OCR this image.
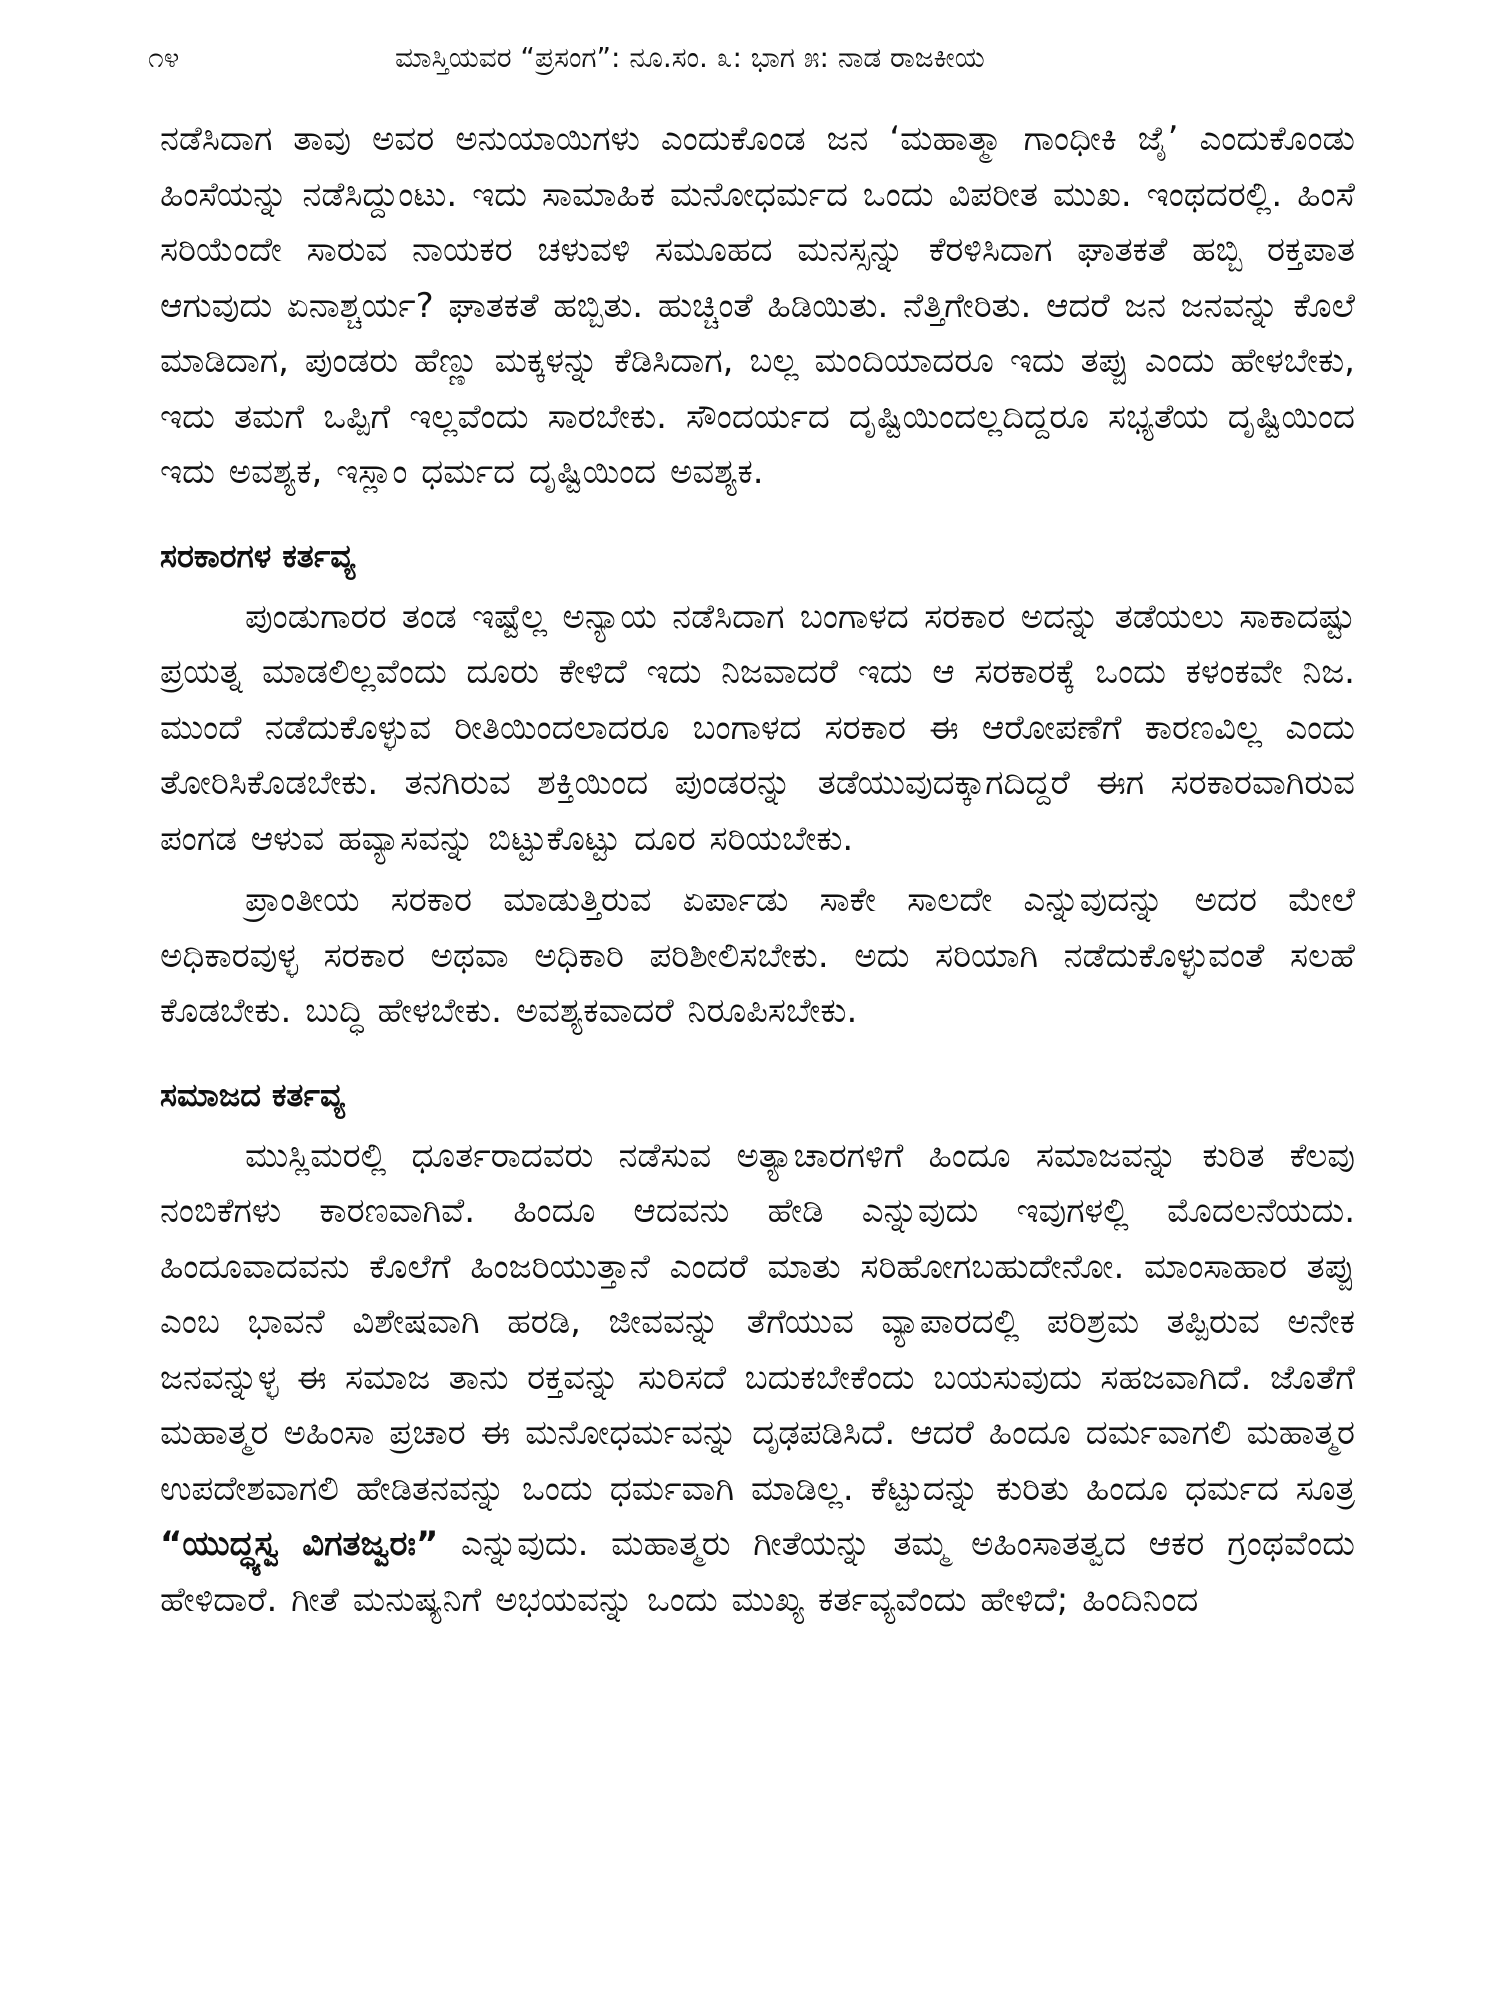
೧೪	ಮಾಸ್ತಿಯವರ “ಪ್ರಸಂಗ”: ನೂ.ಸಂ. ೩: ಭಾಗ ೫: ನಾಡ ರಾಜಕೀಯ

ನಡೆಸಿದಾಗ ತಾವು ಅವರ ಅನುಯಾಯಿಗಳು ಎಂದುಕೊಂಡ ಜನ ‘ಮಹಾತ್ಮಾ ಗಾಂಧೀಕಿ ಜೈ’ ಎಂದುಕೊಂಡು ಹಿಂಸೆಯನ್ನು ನಡೆಸಿದ್ದುಂಟು. ಇದು ಸಾಮಾಹಿಕ ಮನೋಧರ್ಮದ ಒಂದು ವಿಪರೀತ ಮುಖ. ಇಂಥದರಲ್ಲಿ. ಹಿಂಸೆ ಸರಿಯೆಂದೇ ಸಾರುವ ನಾಯಕರ ಚಳುವಳಿ ಸಮೂಹದ ಮನಸ್ಸನ್ನು ಕೆರಳಿಸಿದಾಗ ಘಾತಕತೆ ಹಬ್ಬಿ ರಕ್ತಪಾತ ಆಗುವುದು ಏನಾಶ್ಚರ್ಯ? ಘಾತಕತೆ ಹಬ್ಬಿತು. ಹುಚ್ಚಿಂತೆ ಹಿಡಿಯಿತು. ನೆತ್ತಿಗೇರಿತು. ಆದರೆ ಜನ ಜನವನ್ನು ಕೊಲೆ ಮಾಡಿದಾಗ, ಪುಂಡರು ಹೆಣ್ಣು ಮಕ್ಕಳನ್ನು ಕೆಡಿಸಿದಾಗ, ಬಲ್ಲ ಮಂದಿಯಾದರೂ ಇದು ತಪ್ಪು ಎಂದು ಹೇಳಬೇಕು, ಇದು ತಮಗೆ ಒಪ್ಪಿಗೆ ಇಲ್ಲವೆಂದು ಸಾರಬೇಕು. ಸೌಂದರ್ಯದ ದೃಷ್ಟಿಯಿಂದಲ್ಲದಿದ್ದರೂ ಸಭ್ಯತೆಯ ದೃಷ್ಟಿಯಿಂದ ಇದು ಅವಶ್ಯಕ, ಇಸ್ಲಾಂ ಧರ್ಮದ ದೃಷ್ಟಿಯಿಂದ ಅವಶ್ಯಕ.

ಸರಕಾರಗಳ ಕರ್ತವ್ಯ

ಪುಂಡುಗಾರರ ತಂಡ ಇಷ್ಟೆಲ್ಲ ಅನ್ಯಾಯ ನಡೆಸಿದಾಗ ಬಂಗಾಳದ ಸರಕಾರ ಅದನ್ನು ತಡೆಯಲು ಸಾಕಾದಷ್ಟು ಪ್ರಯತ್ನ ಮಾಡಲಿಲ್ಲವೆಂದು ದೂರು ಕೇಳಿದೆ ಇದು ನಿಜವಾದರೆ ಇದು ಆ ಸರಕಾರಕ್ಕೆ ಒಂದು ಕಳಂಕವೇ ನಿಜ. ಮುಂದೆ ನಡೆದುಕೊಳ್ಳುವ ರೀತಿಯಿಂದಲಾದರೂ ಬಂಗಾಳದ ಸರಕಾರ ಈ ಆರೋಪಣೆಗೆ ಕಾರಣವಿಲ್ಲ ಎಂದು ತೋರಿಸಿಕೊಡಬೇಕು. ತನಗಿರುವ ಶಕ್ತಿಯಿಂದ ಪುಂಡರನ್ನು ತಡೆಯುವುದಕ್ಕಾಗದಿದ್ದರೆ ಈಗ ಸರಕಾರವಾಗಿರುವ ಪಂಗಡ ಆಳುವ ಹವ್ಯಾಸವನ್ನು ಬಿಟ್ಟುಕೊಟ್ಟು ದೂರ ಸರಿಯಬೇಕು.

ಪ್ರಾಂತೀಯ ಸರಕಾರ ಮಾಡುತ್ತಿರುವ ಏರ್ಪಾಡು ಸಾಕೇ ಸಾಲದೇ ಎನ್ನುವುದನ್ನು ಅದರ ಮೇಲೆ ಅಧಿಕಾರವುಳ್ಳ ಸರಕಾರ ಅಥವಾ ಅಧಿಕಾರಿ ಪರಿಶೀಲಿಸಬೇಕು. ಅದು ಸರಿಯಾಗಿ ನಡೆದುಕೊಳ್ಳುವಂತೆ ಸಲಹೆ ಕೊಡಬೇಕು. ಬುದ್ಧಿ ಹೇಳಬೇಕು. ಅವಶ್ಯಕವಾದರೆ ನಿರೂಪಿಸಬೇಕು.

ಸಮಾಜದ ಕರ್ತವ್ಯ

ಮುಸ್ಲಿಮರಲ್ಲಿ ಧೂರ್ತರಾದವರು ನಡೆಸುವ ಅತ್ಯಾಚಾರಗಳಿಗೆ ಹಿಂದೂ ಸಮಾಜವನ್ನು ಕುರಿತ ಕೆಲವು ನಂಬಿಕೆಗಳು ಕಾರಣವಾಗಿವೆ. ಹಿಂದೂ ಆದವನು ಹೇಡಿ ಎನ್ನುವುದು ಇವುಗಳಲ್ಲಿ ಮೊದಲನೆಯದು. ಹಿಂದೂವಾದವನು ಕೊಲೆಗೆ ಹಿಂಜರಿಯುತ್ತಾನೆ ಎಂದರೆ ಮಾತು ಸರಿಹೋಗಬಹುದೇನೋ. ಮಾಂಸಾಹಾರ ತಪ್ಪು ಎಂಬ ಭಾವನೆ ವಿಶೇಷವಾಗಿ ಹರಡಿ, ಜೀವವನ್ನು ತೆಗೆಯುವ ವ್ಯಾಪಾರದಲ್ಲಿ ಪರಿಶ್ರಮ ತಪ್ಪಿರುವ ಅನೇಕ ಜನವನ್ನುಳ್ಳ ಈ ಸಮಾಜ ತಾನು ರಕ್ತವನ್ನು ಸುರಿಸದೆ ಬದುಕಬೇಕೆಂದು ಬಯಸುವುದು ಸಹಜವಾಗಿದೆ. ಜೊತೆಗೆ ಮಹಾತ್ಮರ ಅಹಿಂಸಾ ಪ್ರಚಾರ ಈ ಮನೋಧರ್ಮವನ್ನು ದೃಢಪಡಿಸಿದೆ. ಆದರೆ ಹಿಂದೂ ದರ್ಮವಾಗಲಿ ಮಹಾತ್ಮರ ಉಪದೇಶವಾಗಲಿ ಹೇಡಿತನವನ್ನು ಒಂದು ಧರ್ಮವಾಗಿ ಮಾಡಿಲ್ಲ. ಕೆಟ್ಟುದನ್ನು ಕುರಿತು ಹಿಂದೂ ಧರ್ಮದ ಸೂತ್ರ “ಯುದ್ಧ್ಯಸ್ವ ವಿಗತಜ್ವರಃ” ಎನ್ನುವುದು. ಮಹಾತ್ಮರು ಗೀತೆಯನ್ನು ತಮ್ಮ ಅಹಿಂಸಾತತ್ವದ ಆಕರ ಗ್ರಂಥವೆಂದು ಹೇಳಿದಾರೆ. ಗೀತೆ ಮನುಷ್ಯನಿಗೆ ಅಭಯವನ್ನು ಒಂದು ಮುಖ್ಯ ಕರ್ತವ್ಯವೆಂದು ಹೇಳಿದೆ; ಹಿಂದಿನಿಂದ
